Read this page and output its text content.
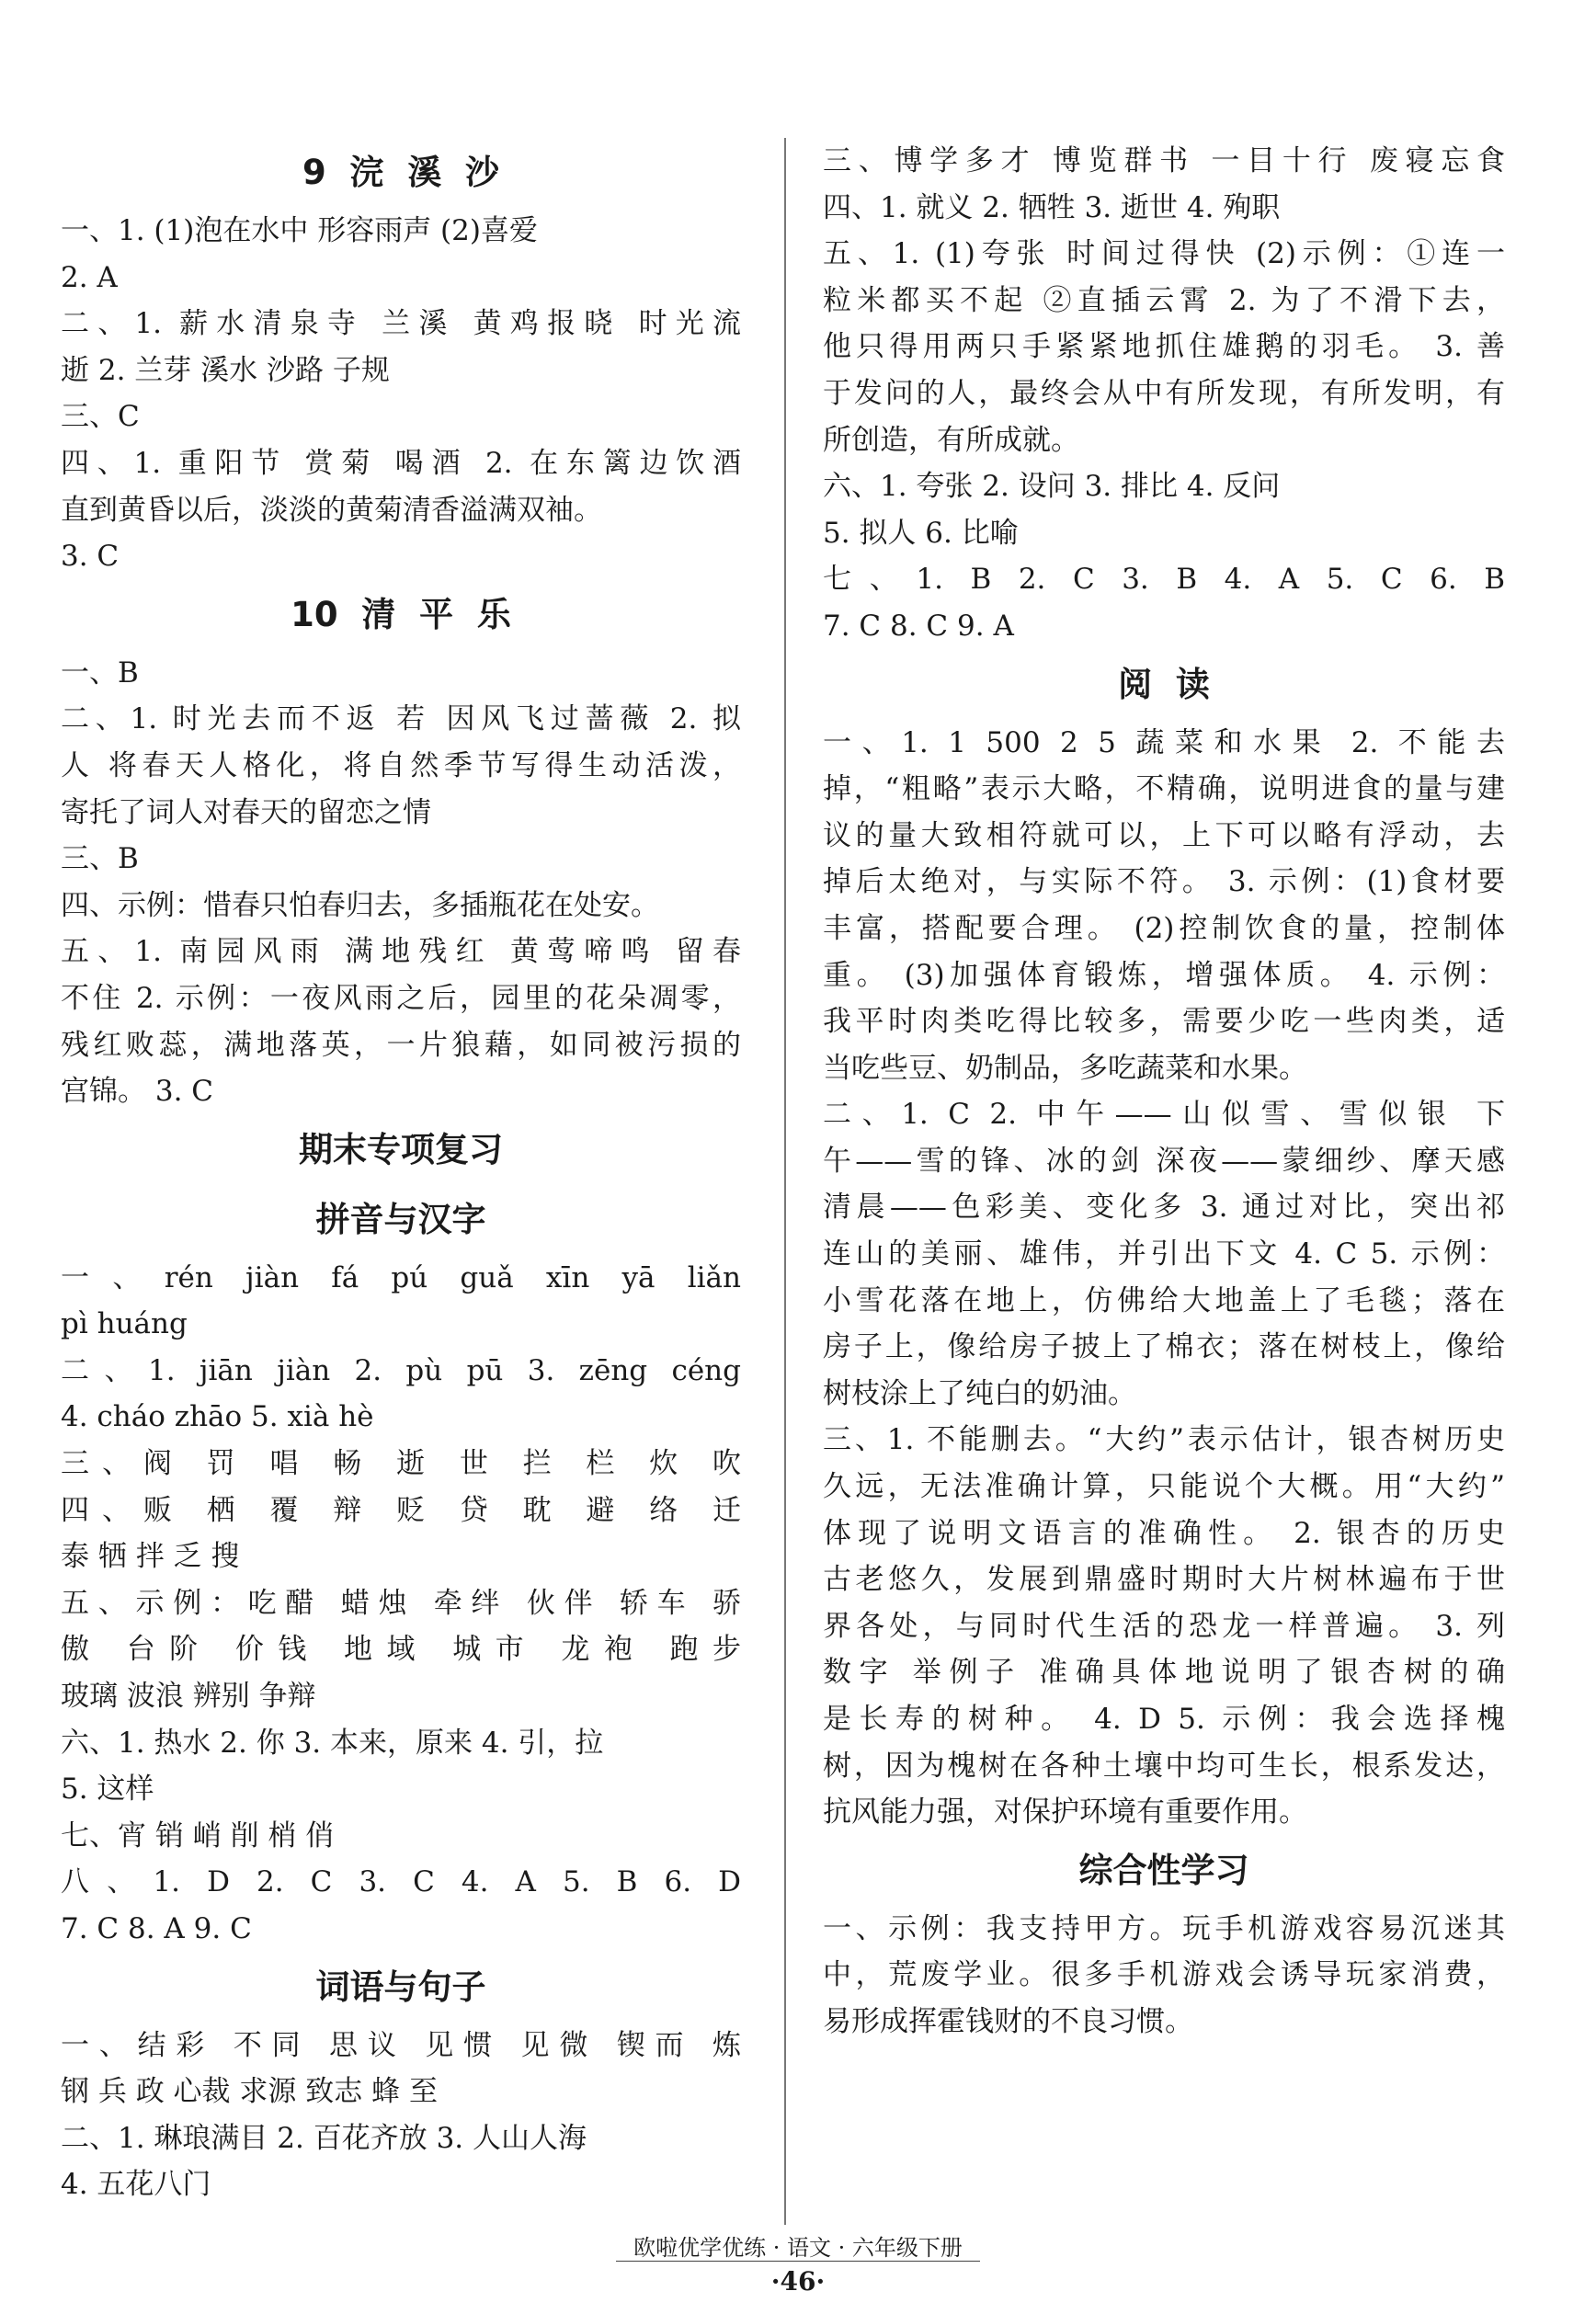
9  浣  溪  沙
一、1. (1)泡在水中 形容雨声 (2)喜爱
2. A
二、1. 薪水清泉寺 兰溪 黄鸡报晓 时光流
逝 2. 兰芽 溪水 沙路 子规
三、C
四、1. 重阳节 赏菊 喝酒 2. 在东篱边饮酒
直到黄昏以后，淡淡的黄菊清香溢满双袖。
3. C
10  清  平  乐
一、B
二、1. 时光去而不返 若 因风飞过蔷薇 2. 拟
人 将春天人格化，将自然季节写得生动活泼，
寄托了词人对春天的留恋之情
三、B
四、示例：惜春只怕春归去，多插瓶花在处安。
五、1. 南园风雨 满地残红 黄莺啼鸣 留春
不住 2. 示例：一夜风雨之后，园里的花朵凋零，
残红败蕊，满地落英，一片狼藉，如同被污损的
宫锦。 3. C
期末专项复习
拼音与汉字
一、rén jiàn fá pú guǎ xīn yā liǎn
pì huáng
二、1. jiān jiàn 2. pù pū 3. zēng céng
4. cháo zhāo 5. xià hè
三、阀 罚 唱 畅 逝 世 拦 栏 炊 吹
四、贩 栖 覆 辩 贬 贷 耽 避 络 迁
泰 牺 拌 乏 搜
五、示例：吃醋 蜡烛 牵绊 伙伴 轿车 骄
傲 台阶 价钱 地域 城市 龙袍 跑步
玻璃 波浪 辨别 争辩
六、1. 热水 2. 你 3. 本来，原来 4. 引，拉
5. 这样
七、宵 销 峭 削 梢 俏
八、1. D 2. C 3. C 4. A 5. B 6. D
7. C 8. A 9. C
词语与句子
一、结彩 不同 思议 见惯 见微 锲而 炼
钢 兵 政 心裁 求源 致志 蜂 至
二、1. 琳琅满目 2. 百花齐放 3. 人山人海
4. 五花八门
三、博学多才 博览群书 一目十行 废寝忘食
四、1. 就义 2. 牺牲 3. 逝世 4. 殉职
五、1. (1)夸张 时间过得快 (2)示例：①连一
粒米都买不起 ②直插云霄 2. 为了不滑下去，
他只得用两只手紧紧地抓住雄鹅的羽毛。 3. 善
于发问的人，最终会从中有所发现，有所发明，有
所创造，有所成就。
六、1. 夸张 2. 设问 3. 排比 4. 反问
5. 拟人 6. 比喻
七、1. B 2. C 3. B 4. A 5. C 6. B
7. C 8. C 9. A
阅  读
一、1. 1 500 2 5 蔬菜和水果 2. 不能去
掉，“粗略”表示大略，不精确，说明进食的量与建
议的量大致相符就可以，上下可以略有浮动，去
掉后太绝对，与实际不符。 3. 示例：(1)食材要
丰富，搭配要合理。 (2)控制饮食的量，控制体
重。 (3)加强体育锻炼，增强体质。 4. 示例：
我平时肉类吃得比较多，需要少吃一些肉类，适
当吃些豆、奶制品，多吃蔬菜和水果。
二、1. C 2. 中午——山似雪、雪似银 下
午——雪的锋、冰的剑 深夜——蒙细纱、摩天感
清晨——色彩美、变化多 3. 通过对比，突出祁
连山的美丽、雄伟，并引出下文 4. C 5. 示例：
小雪花落在地上，仿佛给大地盖上了毛毯；落在
房子上，像给房子披上了棉衣；落在树枝上，像给
树枝涂上了纯白的奶油。
三、1. 不能删去。“大约”表示估计，银杏树历史
久远，无法准确计算，只能说个大概。用“大约”
体现了说明文语言的准确性。 2. 银杏的历史
古老悠久，发展到鼎盛时期时大片树林遍布于世
界各处，与同时代生活的恐龙一样普遍。 3. 列
数字 举例子 准确具体地说明了银杏树的确
是长寿的树种。 4. D 5. 示例：我会选择槐
树，因为槐树在各种土壤中均可生长，根系发达，
抗风能力强，对保护环境有重要作用。
综合性学习
一、示例：我支持甲方。玩手机游戏容易沉迷其
中，荒废学业。很多手机游戏会诱导玩家消费，
易形成挥霍钱财的不良习惯。
欧啦优学优练 · 语文 · 六年级下册
·46·
